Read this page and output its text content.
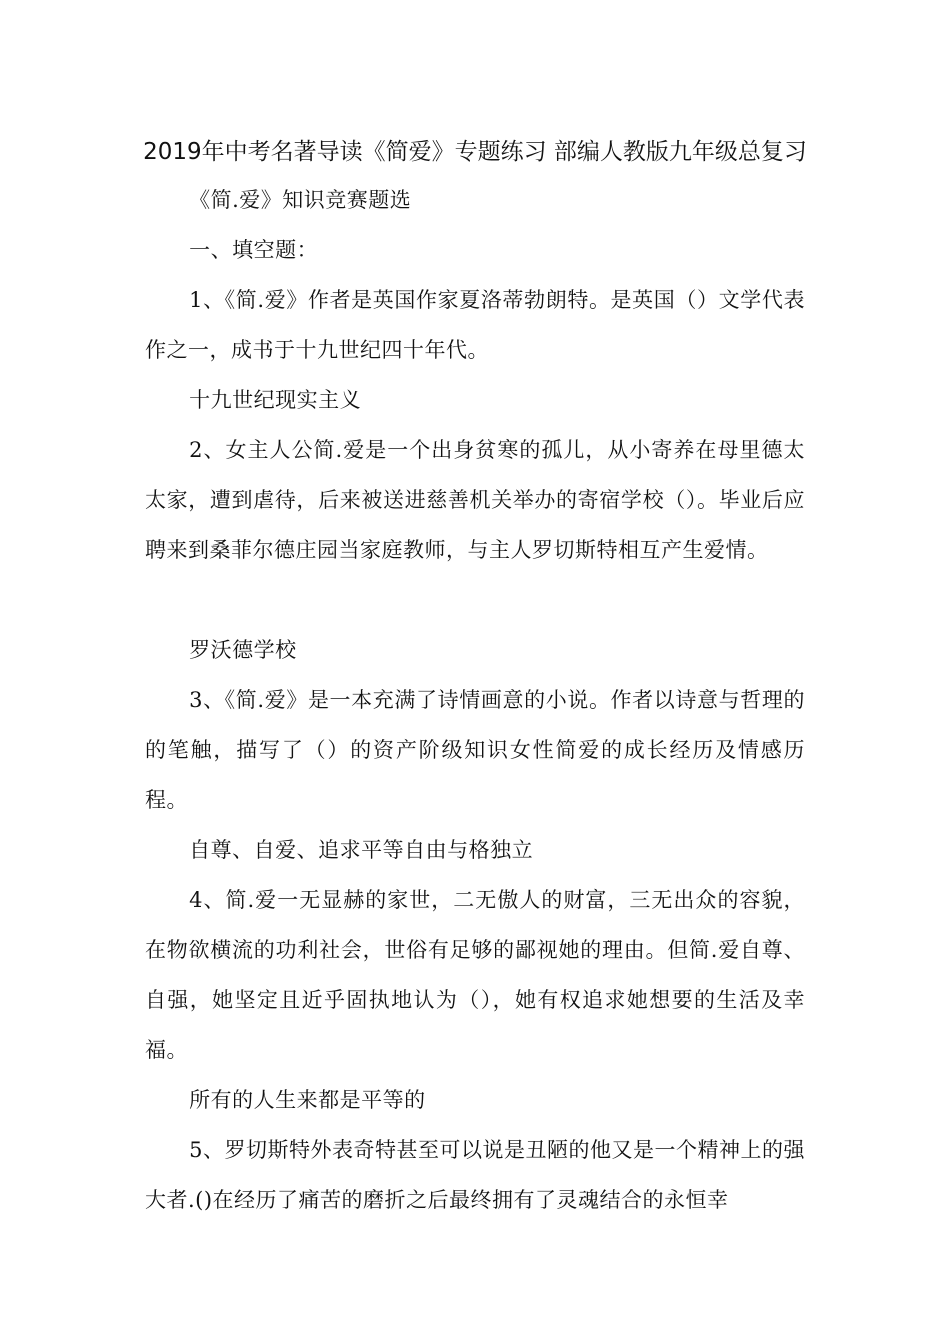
2019年中考名著导读《简爱》专题练习 部编人教版九年级总复习
《简.爱》知识竞赛题选
一、填空题：
1、《简.爱》作者是英国作家夏洛蒂勃朗特。是英国（）文学代表作之一，成书于十九世纪四十年代。
十九世纪现实主义
2、女主人公简.爱是一个出身贫寒的孤儿，从小寄养在母里德太太家，遭到虐待，后来被送进慈善机关举办的寄宿学校（）。毕业后应聘来到桑菲尔德庄园当家庭教师，与主人罗切斯特相互产生爱情。
罗沃德学校
3、《简.爱》是一本充满了诗情画意的小说。作者以诗意与哲理的的笔触，描写了（）的资产阶级知识女性简爱的成长经历及情感历程。
自尊、自爱、追求平等自由与格独立
4、简.爱一无显赫的家世，二无傲人的财富，三无出众的容貌，在物欲横流的功利社会，世俗有足够的鄙视她的理由。但简.爱自尊、自强，她坚定且近乎固执地认为（），她有权追求她想要的生活及幸福。
所有的人生来都是平等的
5、罗切斯特外表奇特甚至可以说是丑陋的他又是一个精神上的强大者.()在经历了痛苦的磨折之后最终拥有了灵魂结合的永恒幸
